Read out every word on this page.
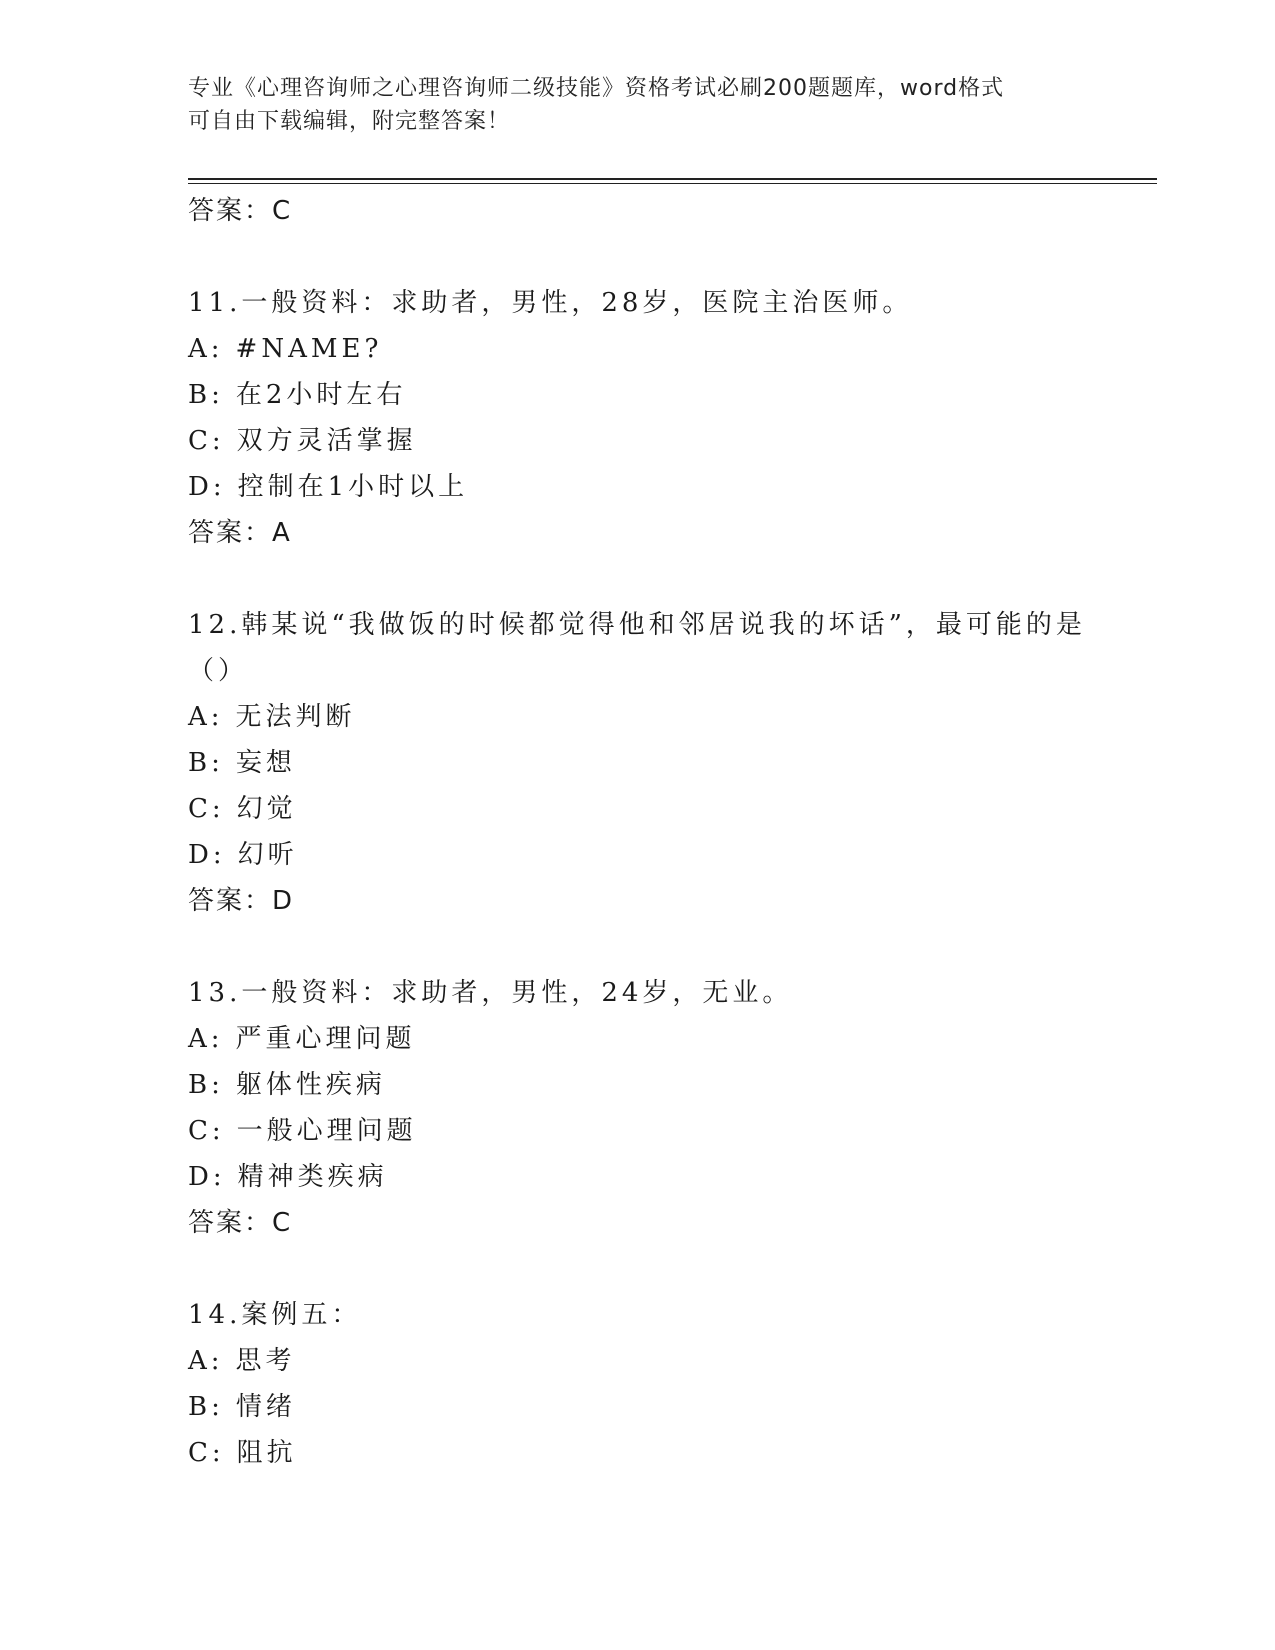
专业《心理咨询师之心理咨询师二级技能》资格考试必刷200题题库，word格式

可自由下载编辑，附完整答案！

答案：C
11.一般资料：求助者，男性，28岁，医院主治医师。
A: #NAME?
B: 在2小时左右
C: 双方灵活掌握
D: 控制在1小时以上
答案：A
12.韩某说“我做饭的时候都觉得他和邻居说我的坏话”，最可能的是（）
A: 无法判断
B: 妄想
C: 幻觉
D: 幻听
答案：D
13.一般资料：求助者，男性，24岁，无业。
A: 严重心理问题
B: 躯体性疾病
C: 一般心理问题
D: 精神类疾病
答案：C
14.案例五：
A: 思考
B: 情绪
C: 阻抗
